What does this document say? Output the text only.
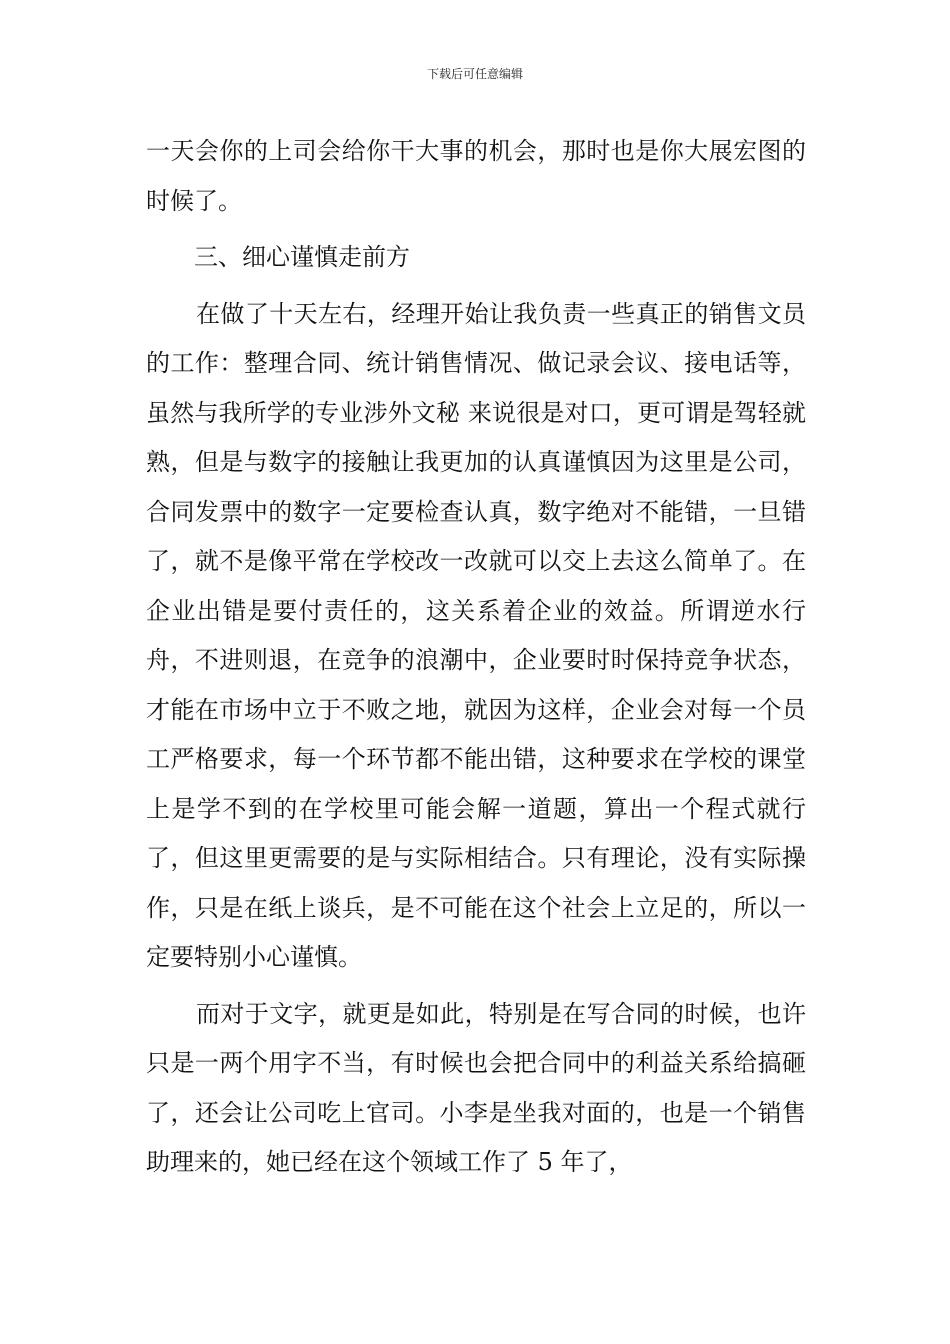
下载后可任意编辑

一天会你的上司会给你干大事的机会，那时也是你大展宏图的时候了。

三、细心谨慎走前方

在做了十天左右，经理开始让我负责一些真正的销售文员的工作：整理合同、统计销售情况、做记录会议、接电话等，虽然与我所学的专业涉外文秘 来说很是对口，更可谓是驾轻就熟，但是与数字的接触让我更加的认真谨慎因为这里是公司，合同发票中的数字一定要检查认真，数字绝对不能错，一旦错了，就不是像平常在学校改一改就可以交上去这么简单了。在企业出错是要付责任的，这关系着企业的效益。所谓逆水行舟，不进则退，在竞争的浪潮中，企业要时时保持竞争状态，才能在市场中立于不败之地，就因为这样，企业会对每一个员工严格要求，每一个环节都不能出错，这种要求在学校的课堂上是学不到的在学校里可能会解一道题，算出一个程式就行了，但这里更需要的是与实际相结合。只有理论，没有实际操作，只是在纸上谈兵，是不可能在这个社会上立足的，所以一定要特别小心谨慎。

而对于文字，就更是如此，特别是在写合同的时候，也许只是一两个用字不当，有时候也会把合同中的利益关系给搞砸了，还会让公司吃上官司。小李是坐我对面的，也是一个销售助理来的，她已经在这个领域工作了 5 年了，
